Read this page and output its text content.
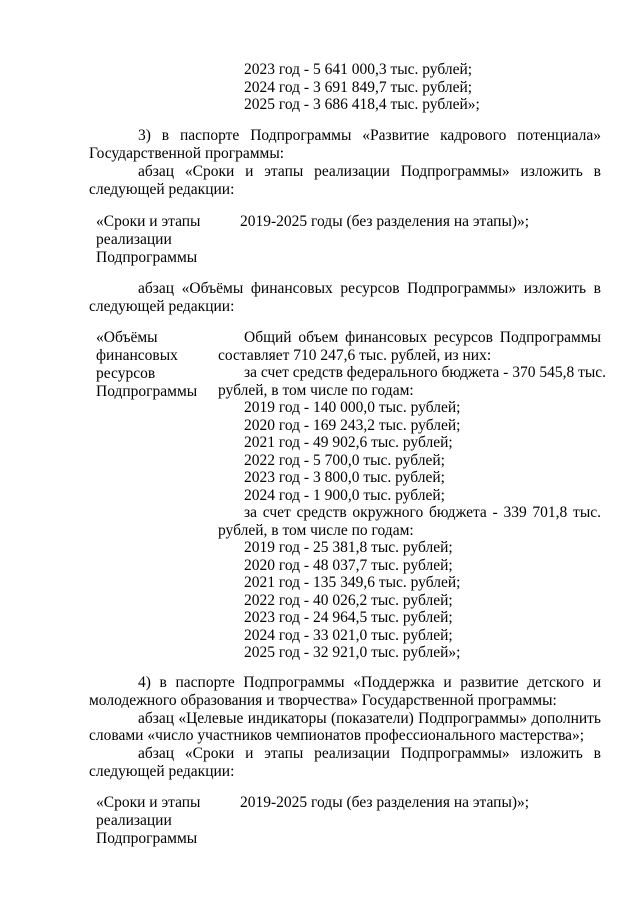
2023 год - 5 641 000,3 тыс. рублей;
2024 год - 3 691 849,7 тыс. рублей;
2025 год - 3 686 418,4 тыс. рублей»;
3) в паспорте Подпрограммы «Развитие кадрового потенциала»
Государственной программы:
абзац «Сроки и этапы реализации Подпрограммы» изложить в
следующей редакции:
«Сроки и этапы
реализации
Подпрограммы
2019-2025 годы (без разделения на этапы)»;
абзац «Объёмы финансовых ресурсов Подпрограммы» изложить в
следующей редакции:
«Объёмы
финансовых
ресурсов
Подпрограммы
Общий объем финансовых ресурсов Подпрограммы
составляет 710 247,6 тыс. рублей, из них:
за счет средств федерального бюджета - 370 545,8 тыс.
рублей, в том числе по годам:
2019 год - 140 000,0 тыс. рублей;
2020 год - 169 243,2 тыс. рублей;
2021 год - 49 902,6 тыс. рублей;
2022 год - 5 700,0 тыс. рублей;
2023 год - 3 800,0 тыс. рублей;
2024 год - 1 900,0 тыс. рублей;
за счет средств окружного бюджета - 339 701,8 тыс.
рублей, в том числе по годам:
2019 год - 25 381,8 тыс. рублей;
2020 год - 48 037,7 тыс. рублей;
2021 год - 135 349,6 тыс. рублей;
2022 год - 40 026,2 тыс. рублей;
2023 год - 24 964,5 тыс. рублей;
2024 год - 33 021,0 тыс. рублей;
2025 год - 32 921,0 тыс. рублей»;
4) в паспорте Подпрограммы «Поддержка и развитие детского и
молодежного образования и творчества» Государственной программы:
абзац «Целевые индикаторы (показатели) Подпрограммы» дополнить
словами «число участников чемпионатов профессионального мастерства»;
абзац «Сроки и этапы реализации Подпрограммы» изложить в
следующей редакции:
«Сроки и этапы
реализации
Подпрограммы
2019-2025 годы (без разделения на этапы)»;
